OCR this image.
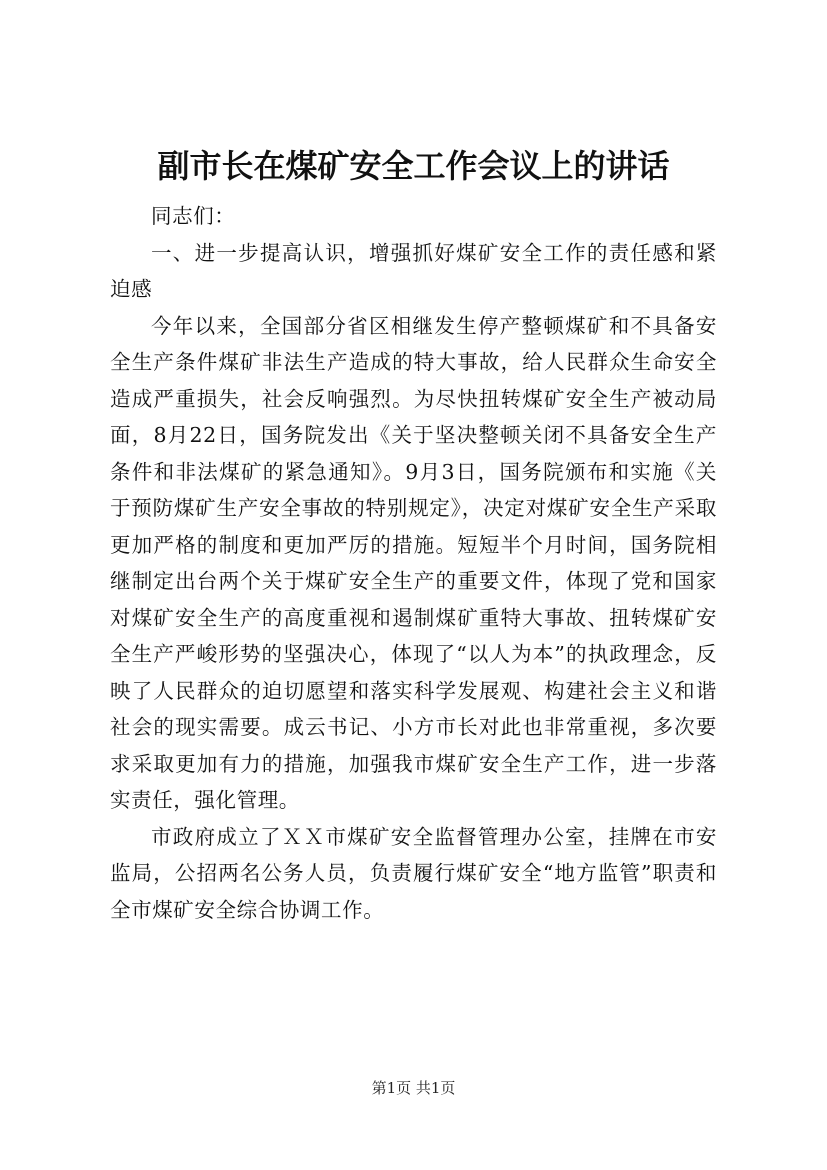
副市长在煤矿安全工作会议上的讲话

同志们：

一、进一步提高认识，增强抓好煤矿安全工作的责任感和紧迫感

今年以来，全国部分省区相继发生停产整顿煤矿和不具备安全生产条件煤矿非法生产造成的特大事故，给人民群众生命安全造成严重损失，社会反响强烈。为尽快扭转煤矿安全生产被动局面，8月22日，国务院发出《关于坚决整顿关闭不具备安全生产条件和非法煤矿的紧急通知》。9月3日，国务院颁布和实施《关于预防煤矿生产安全事故的特别规定》，决定对煤矿安全生产采取更加严格的制度和更加严厉的措施。短短半个月时间，国务院相继制定出台两个关于煤矿安全生产的重要文件，体现了党和国家对煤矿安全生产的高度重视和遏制煤矿重特大事故、扭转煤矿安全生产严峻形势的坚强决心，体现了“以人为本”的执政理念，反映了人民群众的迫切愿望和落实科学发展观、构建社会主义和谐社会的现实需要。成云书记、小方市长对此也非常重视，多次要求采取更加有力的措施，加强我市煤矿安全生产工作，进一步落实责任，强化管理。

市政府成立了ＸＸ市煤矿安全监督管理办公室，挂牌在市安监局，公招两名公务人员，负责履行煤矿安全“地方监管”职责和全市煤矿安全综合协调工作。

第1页 共1页
